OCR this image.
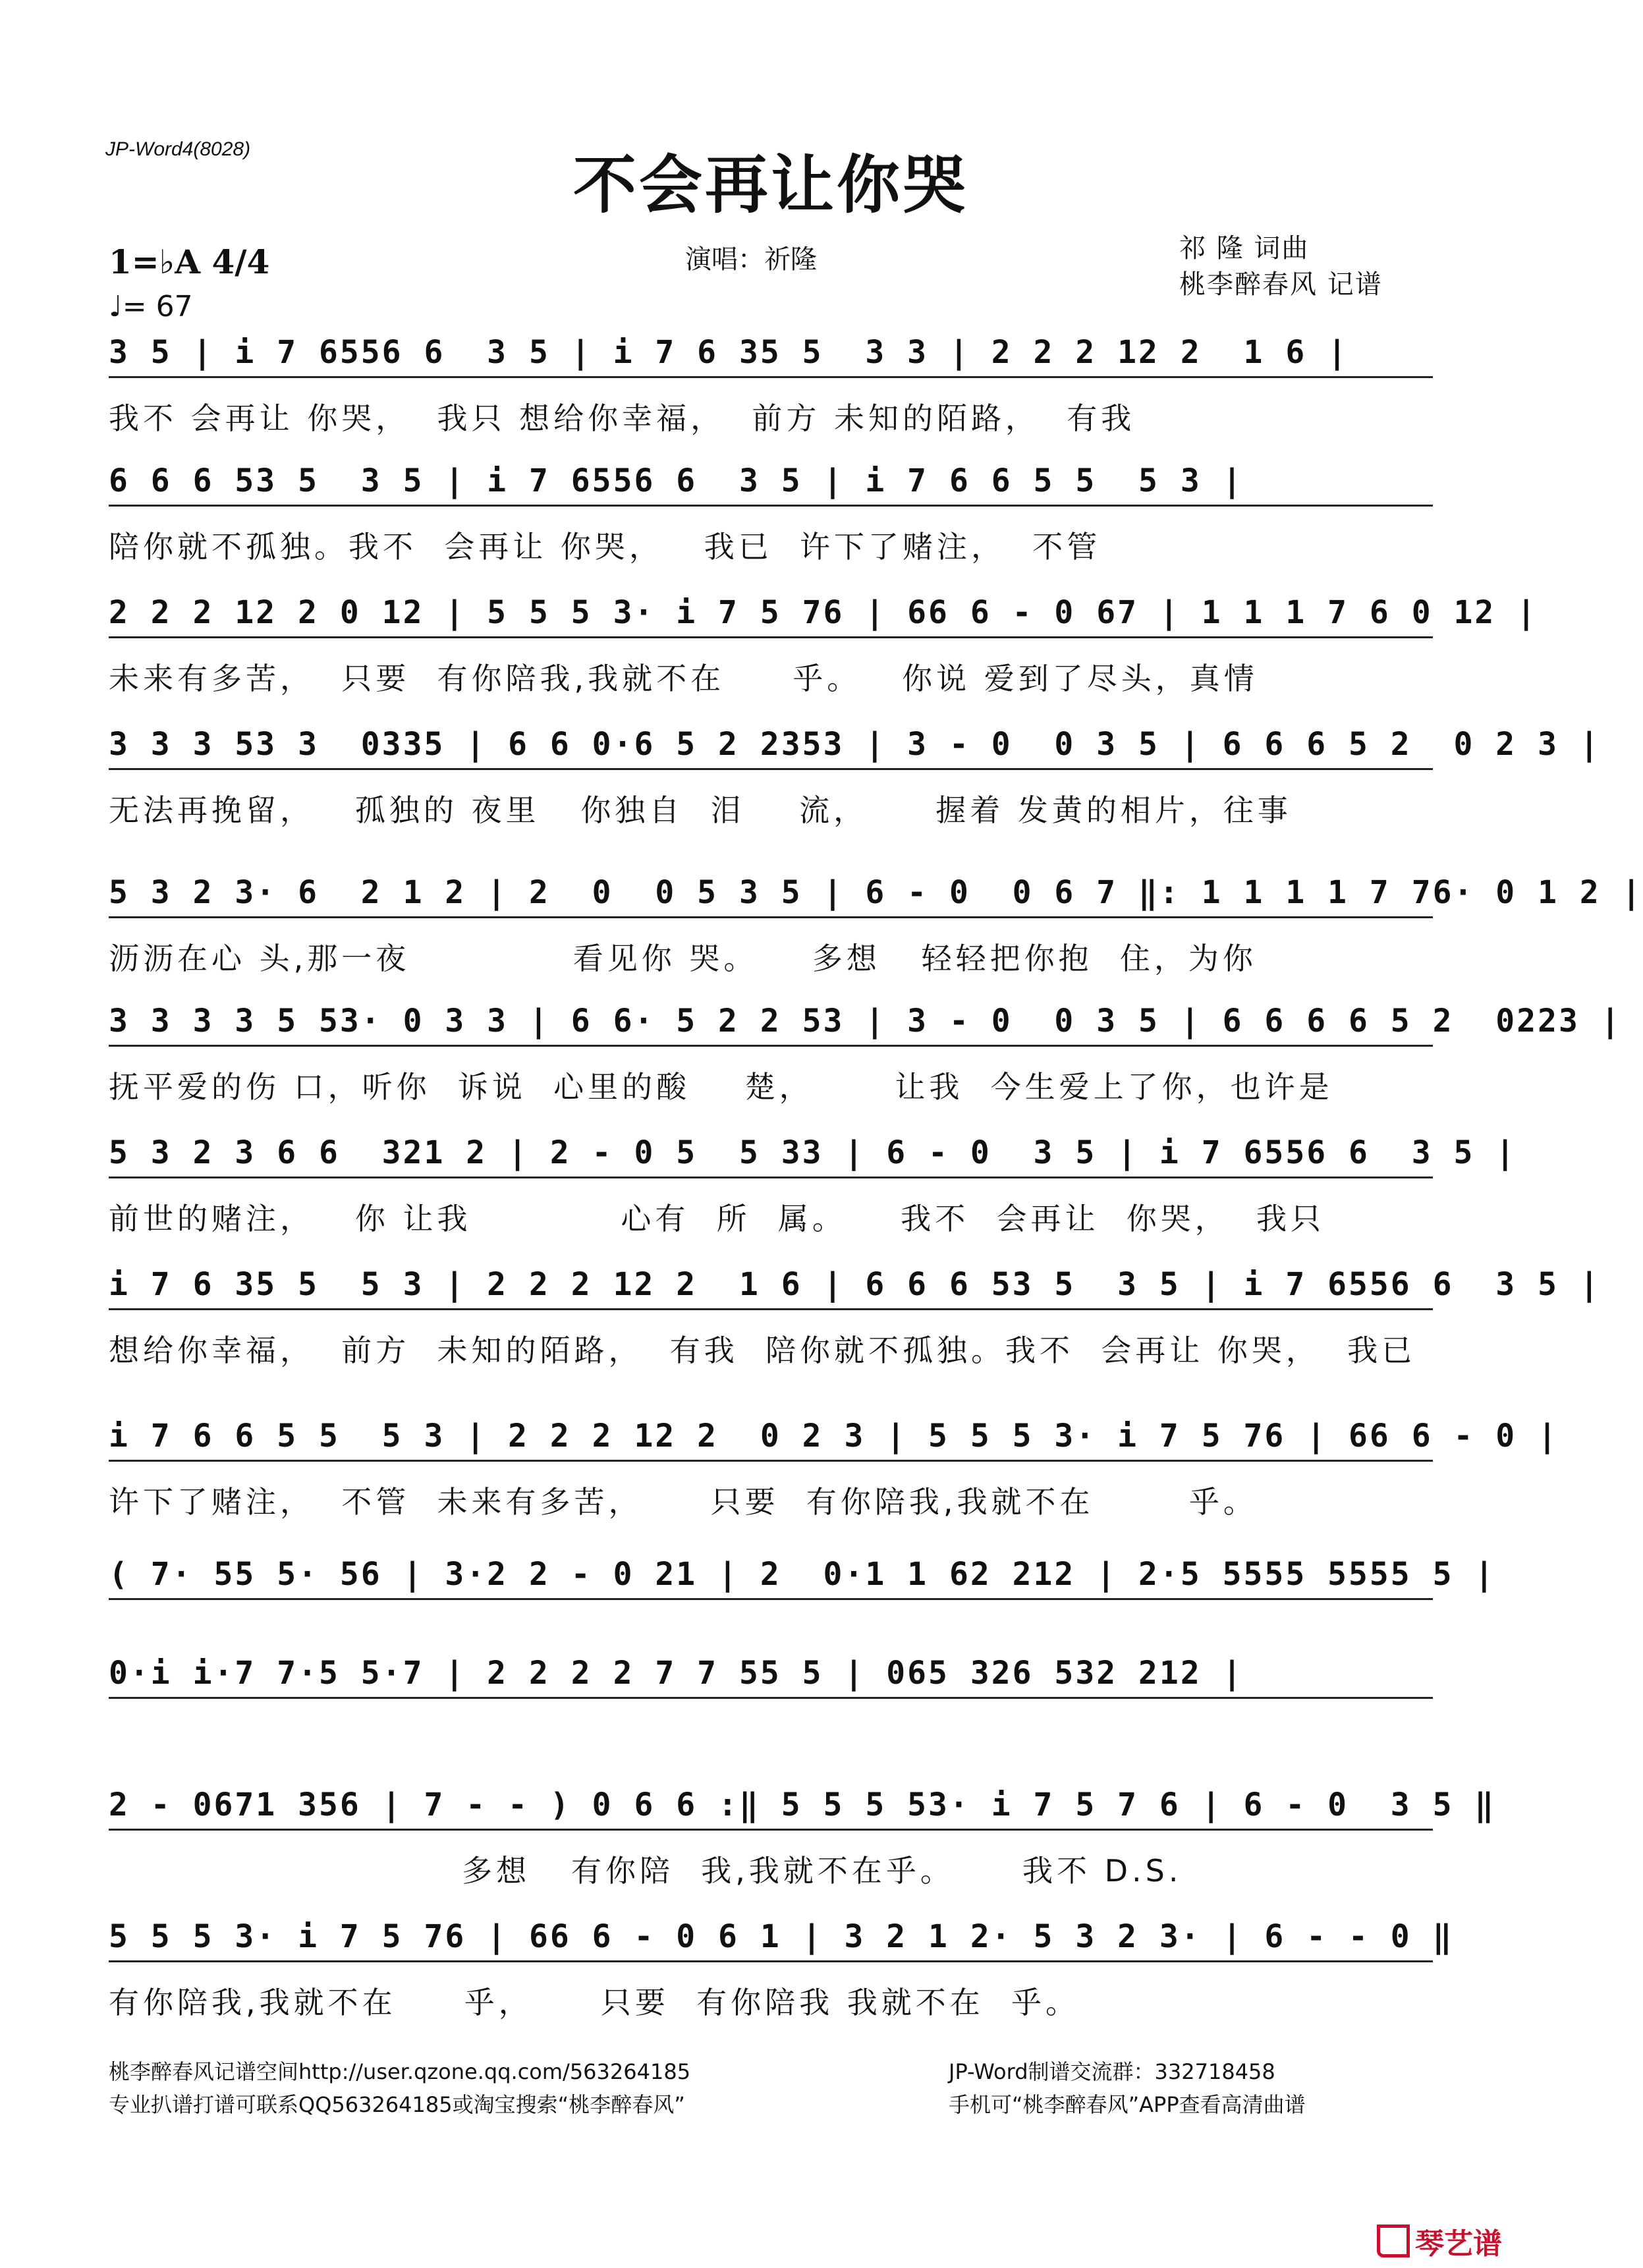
JP-Word4(8028)	不会再让你哭
1=♭A 4/4
♩= 67
演唱：祈隆	祁 隆 词曲
桃李醉春风 记谱
3 5 | i 7 6556 6  3 5 | i 7 6 35 5  3 3 | 2 2 2 12 2  1 6 |
我不 会再让 你哭，  我只 想给你幸福，  前方 未知的陌路，  有我
6 6 6 53 5  3 5 | i 7 6556 6  3 5 | i 7 6 6 5 5  5 3 |
陪你就不孤独。我不  会再让 你哭，   我已  许下了赌注，  不管
2 2 2 12 2 0 12 | 5 5 5 3· i 7 5 76 | 66 6 - 0 67 | 1 1 1 7 6 0 12 |
未来有多苦，  只要  有你陪我,我就不在     乎。   你说 爱到了尽头，真情
3 3 3 53 3  0335 | 6 6 0·6 5 2 2353 | 3 - 0  0 3 5 | 6 6 6 5 2  0 2 3 |
无法再挽留，   孤独的 夜里   你独自  泪    流，     握着 发黄的相片，往事
5 3 2 3· 6  2 1 2 | 2  0  0 5 3 5 | 6 - 0  0 6 7 ‖: 1 1 1 1 7 76· 0 1 2 |
沥沥在心 头,那一夜            看见你 哭。    多想   轻轻把你抱  住，为你
3 3 3 3 5 53· 0 3 3 | 6 6· 5 2 2 53 | 3 - 0  0 3 5 | 6 6 6 6 5 2  0223 |
抚平爱的伤 口，听你  诉说  心里的酸    楚，      让我  今生爱上了你，也许是
5 3 2 3 6 6  321 2 | 2 - 0 5  5 33 | 6 - 0  3 5 | i 7 6556 6  3 5 |
前世的赌注，   你 让我           心有  所  属。    我不  会再让  你哭，  我只
i 7 6 35 5  5 3 | 2 2 2 12 2  1 6 | 6 6 6 53 5  3 5 | i 7 6556 6  3 5 |
想给你幸福，  前方  未知的陌路，  有我  陪你就不孤独。我不  会再让 你哭，  我已
i 7 6 6 5 5  5 3 | 2 2 2 12 2  0 2 3 | 5 5 5 3· i 7 5 76 | 66 6 - 0 |
许下了赌注，  不管  未来有多苦，     只要  有你陪我,我就不在       乎。
( 7· 55 5· 56 | 3·2 2 - 0 21 | 2  0·1 1 62 212 | 2·5 5555 5555 5 |
0·i i·7 7·5 5·7 | 2 2 2 2 7 7 55 5 | 065 326 532 212 |
2 - 0671 356 | 7 - - ) 0 6 6 :‖ 5 5 5 53· i 7 5 7 6 | 6 - 0  3 5 ‖
多想   有你陪  我,我就不在乎。     我不 D.S.
5 5 5 3· i 7 5 76 | 66 6 - 0 6 1 | 3 2 1 2· 5 3 2 3· | 6 - - 0 ‖
有你陪我,我就不在     乎，     只要  有你陪我 我就不在  乎。
桃李醉春风记谱空间http://user.qzone.qq.com/563264185
专业扒谱打谱可联系QQ563264185或淘宝搜索“桃李醉春风”
JP-Word制谱交流群：332718458
手机可“桃李醉春风”APP查看高清曲谱
琴艺谱
